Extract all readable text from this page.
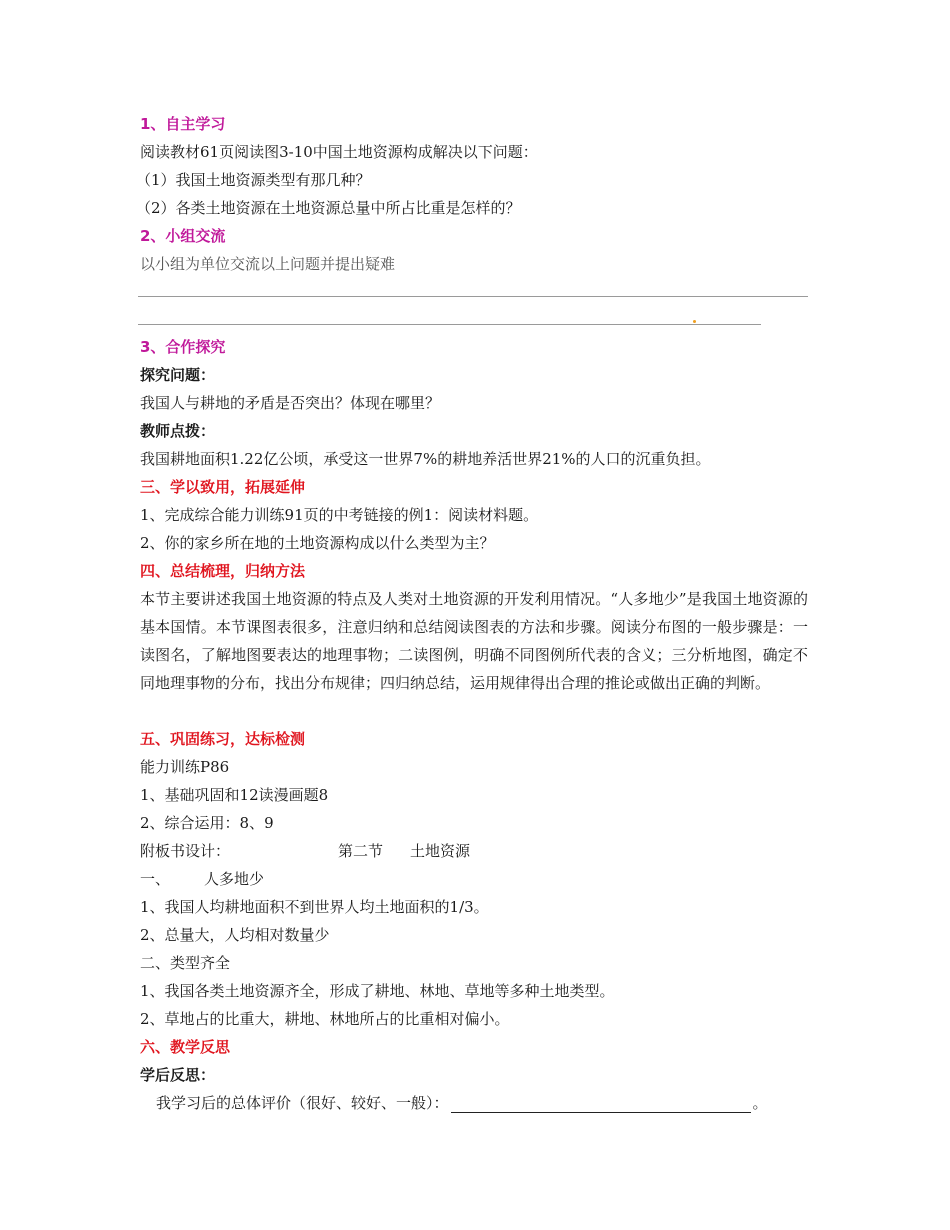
1、自主学习
阅读教材61页阅读图3-10中国土地资源构成解决以下问题：
（1）我国土地资源类型有那几种？
（2）各类土地资源在土地资源总量中所占比重是怎样的？
2、小组交流
以小组为单位交流以上问题并提出疑难
3、合作探究
探究问题：
我国人与耕地的矛盾是否突出？体现在哪里？
教师点拨：
我国耕地面积1.22亿公顷，承受这一世界7%的耕地养活世界21%的人口的沉重负担。
三、学以致用，拓展延伸
1、完成综合能力训练91页的中考链接的例1：阅读材料题。
2、你的家乡所在地的土地资源构成以什么类型为主？
四、总结梳理，归纳方法
本节主要讲述我国土地资源的特点及人类对土地资源的开发利用情况。“人多地少”是我国土地资源的基本国情。本节课图表很多，注意归纳和总结阅读图表的方法和步骤。阅读分布图的一般步骤是：一读图名，了解地图要表达的地理事物；二读图例，明确不同图例所代表的含义；三分析地图，确定不同地理事物的分布，找出分布规律；四归纳总结，运用规律得出合理的推论或做出正确的判断。
五、巩固练习，达标检测
能力训练P86
1、基础巩固和12读漫画题8
2、综合运用：8、9
附板书设计：	第二节 土地资源
一、 人多地少
1、我国人均耕地面积不到世界人均土地面积的1/3。
2、总量大，人均相对数量少
二、类型齐全
1、我国各类土地资源齐全，形成了耕地、林地、草地等多种土地类型。
2、草地占的比重大，耕地、林地所占的比重相对偏小。
六、教学反思
学后反思：
我学习后的总体评价（很好、较好、一般）：	。
